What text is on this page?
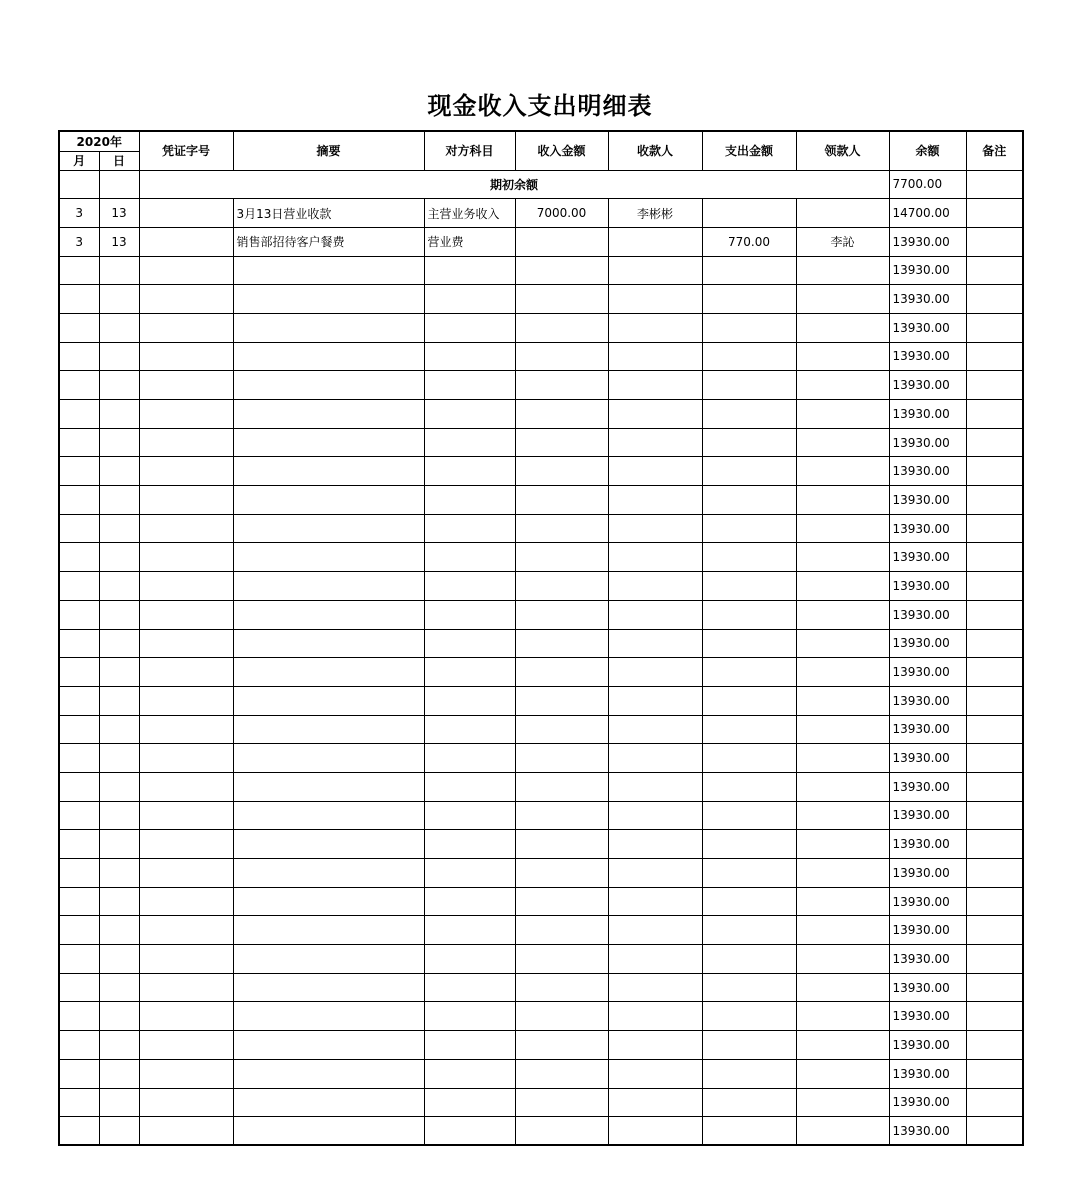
现金收入支出明细表
2020年		凭证字号	摘要	对方科目	收入金额	收款人	支出金额	领款人	余额	备注
月	日									
		期初余额							7700.00	
3	13		3月13日营业收款	主营业务收入	7000.00	李彬彬			14700.00	
3	13		销售部招待客户餐费	营业费			770.00	李訫	13930.00	
									13930.00	
									13930.00	
									13930.00	
									13930.00	
									13930.00	
									13930.00	
									13930.00	
									13930.00	
									13930.00	
									13930.00	
									13930.00	
									13930.00	
									13930.00	
									13930.00	
									13930.00	
									13930.00	
									13930.00	
									13930.00	
									13930.00	
									13930.00	
									13930.00	
									13930.00	
									13930.00	
									13930.00	
									13930.00	
									13930.00	
									13930.00	
									13930.00	
									13930.00	
									13930.00	
									13930.00	
